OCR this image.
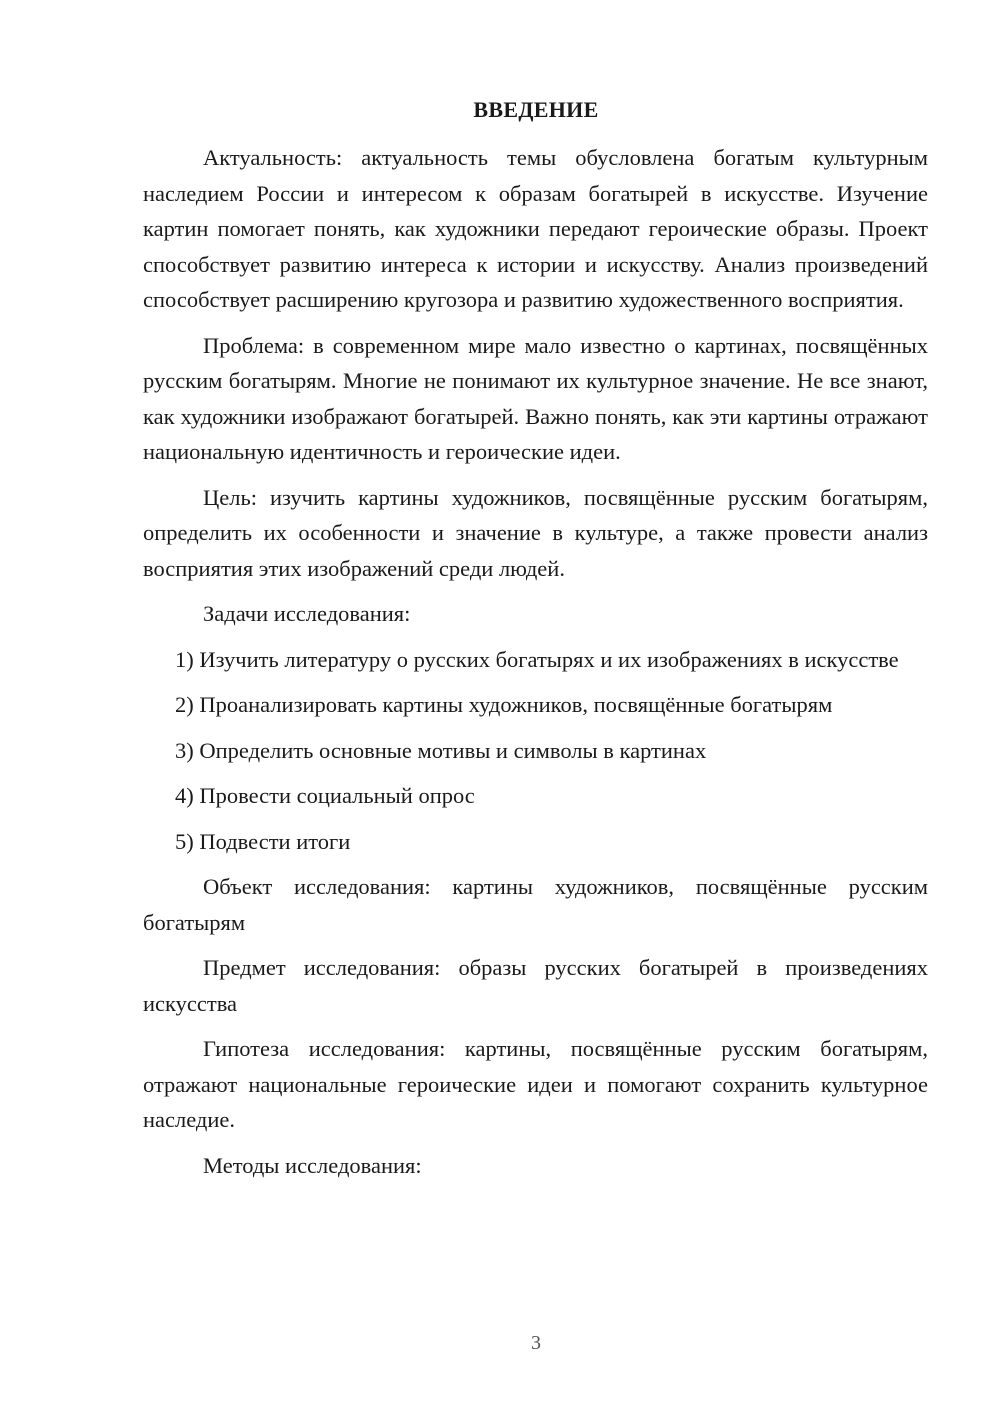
ВВЕДЕНИЕ

Актуальность: актуальность темы обусловлена богатым культурным наследием России и интересом к образам богатырей в искусстве. Изучение картин помогает понять, как художники передают героические образы. Проект способствует развитию интереса к истории и искусству. Анализ произведений способствует расширению кругозора и развитию художественного восприятия.

Проблема: в современном мире мало известно о картинах, посвящённых русским богатырям. Многие не понимают их культурное значение. Не все знают, как художники изображают богатырей. Важно понять, как эти картины отражают национальную идентичность и героические идеи.

Цель: изучить картины художников, посвящённые русским богатырям, определить их особенности и значение в культуре, а также провести анализ восприятия этих изображений среди людей.

Задачи исследования:

1) Изучить литературу о русских богатырях и их изображениях в искусстве

2) Проанализировать картины художников, посвящённые богатырям

3) Определить основные мотивы и символы в картинах

4) Провести социальный опрос

5) Подвести итоги

Объект исследования: картины художников, посвящённые русским богатырям

Предмет исследования: образы русских богатырей в произведениях искусства

Гипотеза исследования: картины, посвящённые русским богатырям, отражают национальные героические идеи и помогают сохранить культурное наследие.

Методы исследования:

3
